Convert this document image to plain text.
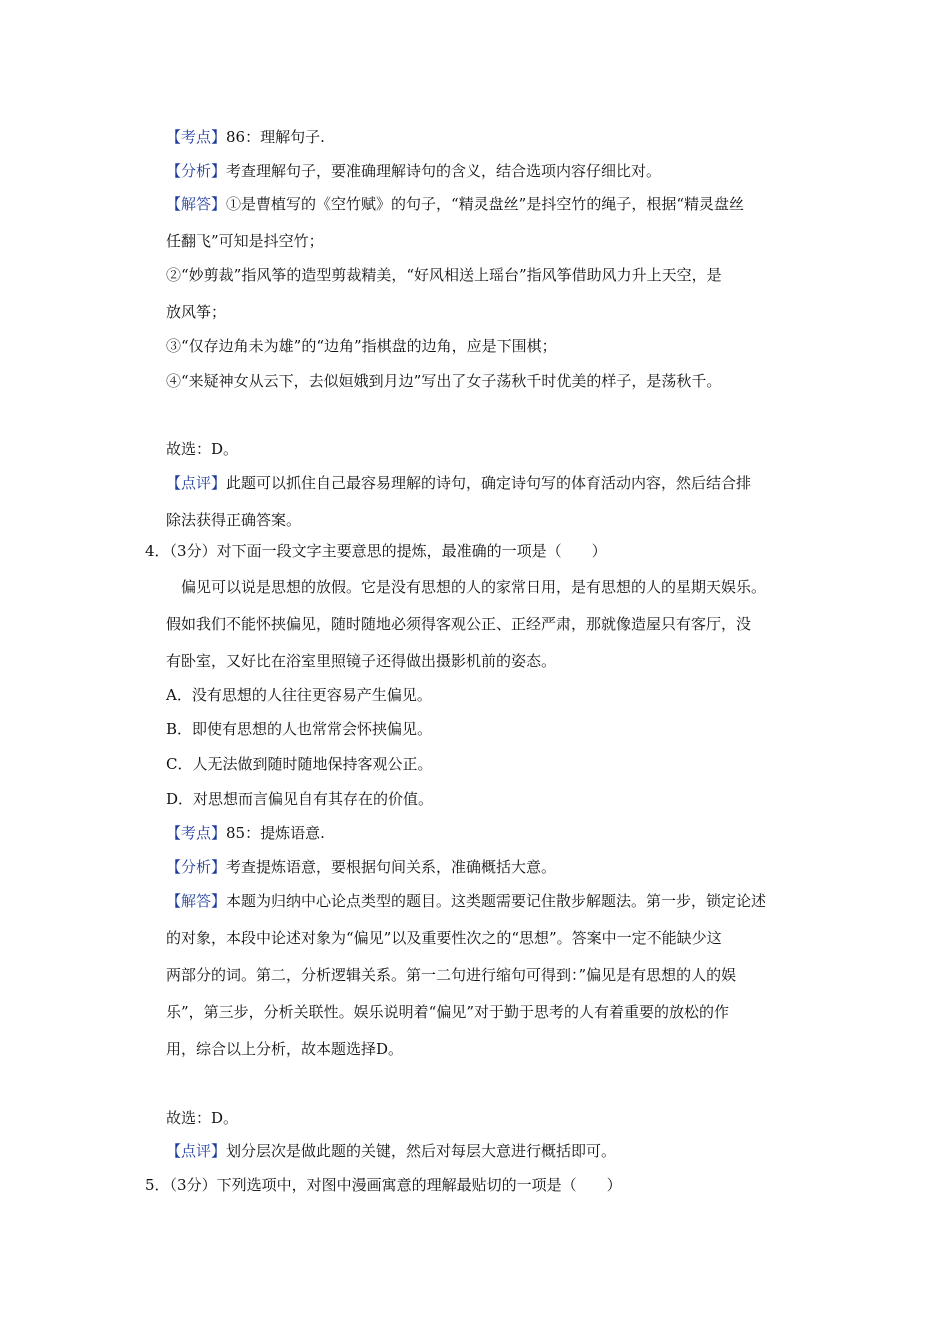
【考点】86：理解句子.
【分析】考查理解句子，要准确理解诗句的含义，结合选项内容仔细比对。
【解答】①是曹植写的《空竹赋》的句子，“精灵盘丝”是抖空竹的绳子，根据“精灵盘丝
任翻飞”可知是抖空竹；
②“妙剪裁”指风筝的造型剪裁精美，“好风相送上瑶台”指风筝借助风力升上天空，是
放风筝；
③“仅存边角未为雄”的“边角”指棋盘的边角，应是下围棋；
④“来疑神女从云下，去似姮娥到月边”写出了女子荡秋千时优美的样子，是荡秋千。
故选：D。
【点评】此题可以抓住自己最容易理解的诗句，确定诗句写的体育活动内容，然后结合排
除法获得正确答案。
4．（3分）对下面一段文字主要意思的提炼，最准确的一项是（　　）
　偏见可以说是思想的放假。它是没有思想的人的家常日用，是有思想的人的星期天娱乐。
假如我们不能怀挟偏见，随时随地必须得客观公正、正经严肃，那就像造屋只有客厅，没
有卧室，又好比在浴室里照镜子还得做出摄影机前的姿态。
A．没有思想的人往往更容易产生偏见。
B．即使有思想的人也常常会怀挟偏见。
C．人无法做到随时随地保持客观公正。
D．对思想而言偏见自有其存在的价值。
【考点】85：提炼语意.
【分析】考查提炼语意，要根据句间关系，准确概括大意。
【解答】本题为归纳中心论点类型的题目。这类题需要记住散步解题法。第一步，锁定论述
的对象，本段中论述对象为“偏见”以及重要性次之的“思想”。答案中一定不能缺少这
两部分的词。第二，分析逻辑关系。第一二句进行缩句可得到：”偏见是有思想的人的娱
乐”，第三步，分析关联性。娱乐说明着“偏见”对于勤于思考的人有着重要的放松的作
用，综合以上分析，故本题选择D。
故选：D。
【点评】划分层次是做此题的关键，然后对每层大意进行概括即可。
5．（3分）下列选项中，对图中漫画寓意的理解最贴切的一项是（　　）
